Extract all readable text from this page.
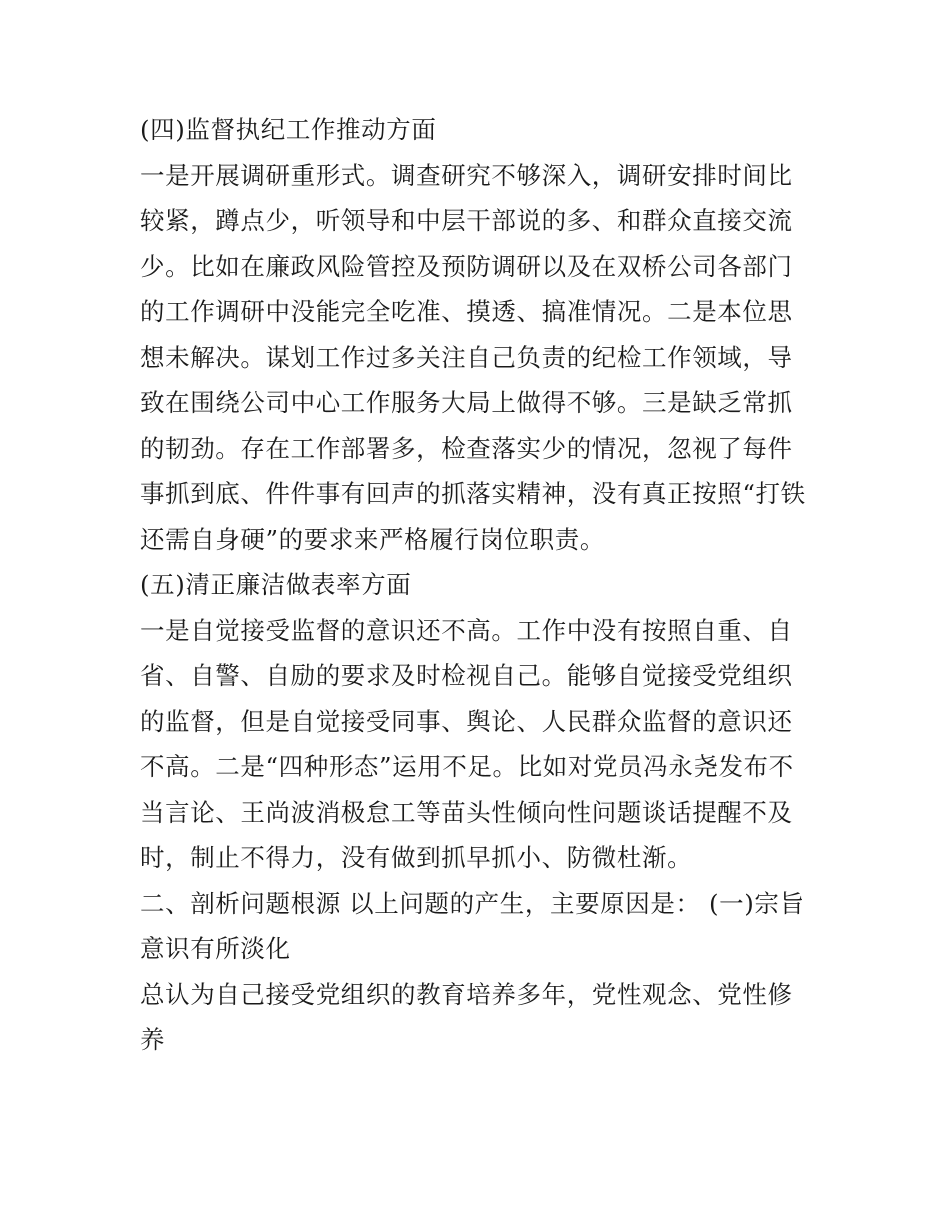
(四)监督执纪工作推动方面

一是开展调研重形式。调查研究不够深入，调研安排时间比较紧，蹲点少，听领导和中层干部说的多、和群众直接交流少。比如在廉政风险管控及预防调研以及在双桥公司各部门的工作调研中没能完全吃准、摸透、搞准情况。二是本位思想未解决。谋划工作过多关注自己负责的纪检工作领域，导致在围绕公司中心工作服务大局上做得不够。三是缺乏常抓的韧劲。存在工作部署多，检查落实少的情况，忽视了每件事抓到底、件件事有回声的抓落实精神，没有真正按照“打铁还需自身硬”的要求来严格履行岗位职责。

(五)清正廉洁做表率方面

一是自觉接受监督的意识还不高。工作中没有按照自重、自省、自警、自励的要求及时检视自己。能够自觉接受党组织的监督，但是自觉接受同事、舆论、人民群众监督的意识还不高。二是“四种形态”运用不足。比如对党员冯永尧发布不当言论、王尚波消极怠工等苗头性倾向性问题谈话提醒不及时，制止不得力，没有做到抓早抓小、防微杜渐。

二、剖析问题根源 以上问题的产生，主要原因是： (一)宗旨意识有所淡化

总认为自己接受党组织的教育培养多年，党性观念、党性修养
